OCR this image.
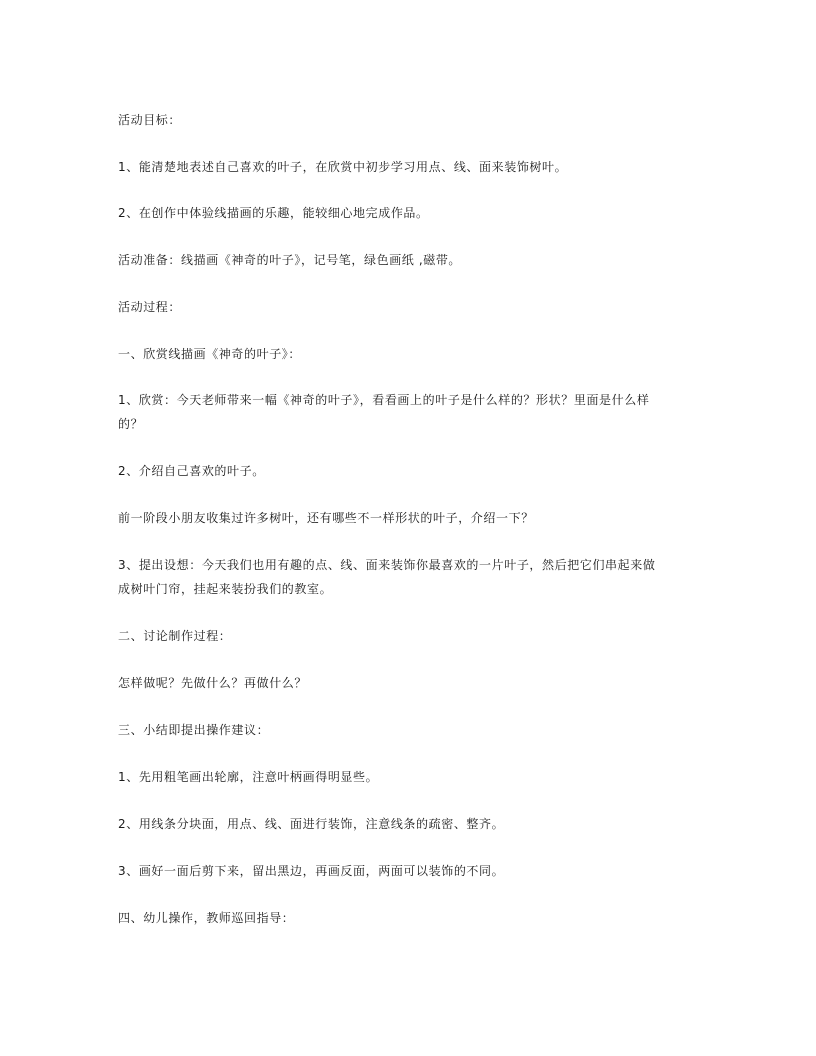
活动目标：
1、能清楚地表述自己喜欢的叶子，在欣赏中初步学习用点、线、面来装饰树叶。
2、在创作中体验线描画的乐趣，能较细心地完成作品。
活动准备：线描画《神奇的叶子》，记号笔，绿色画纸 ,磁带。
活动过程：
一、欣赏线描画《神奇的叶子》：
1、欣赏：今天老师带来一幅《神奇的叶子》，看看画上的叶子是什么样的？形状？里面是什么样
的？
2、介绍自己喜欢的叶子。
前一阶段小朋友收集过许多树叶，还有哪些不一样形状的叶子，介绍一下？
3、提出设想：今天我们也用有趣的点、线、面来装饰你最喜欢的一片叶子，然后把它们串起来做
成树叶门帘，挂起来装扮我们的教室。
二、讨论制作过程：
怎样做呢？先做什么？再做什么？
三、小结即提出操作建议：
1、先用粗笔画出轮廓，注意叶柄画得明显些。
2、用线条分块面，用点、线、面进行装饰，注意线条的疏密、整齐。
3、画好一面后剪下来，留出黑边，再画反面，两面可以装饰的不同。
四、幼儿操作，教师巡回指导：
